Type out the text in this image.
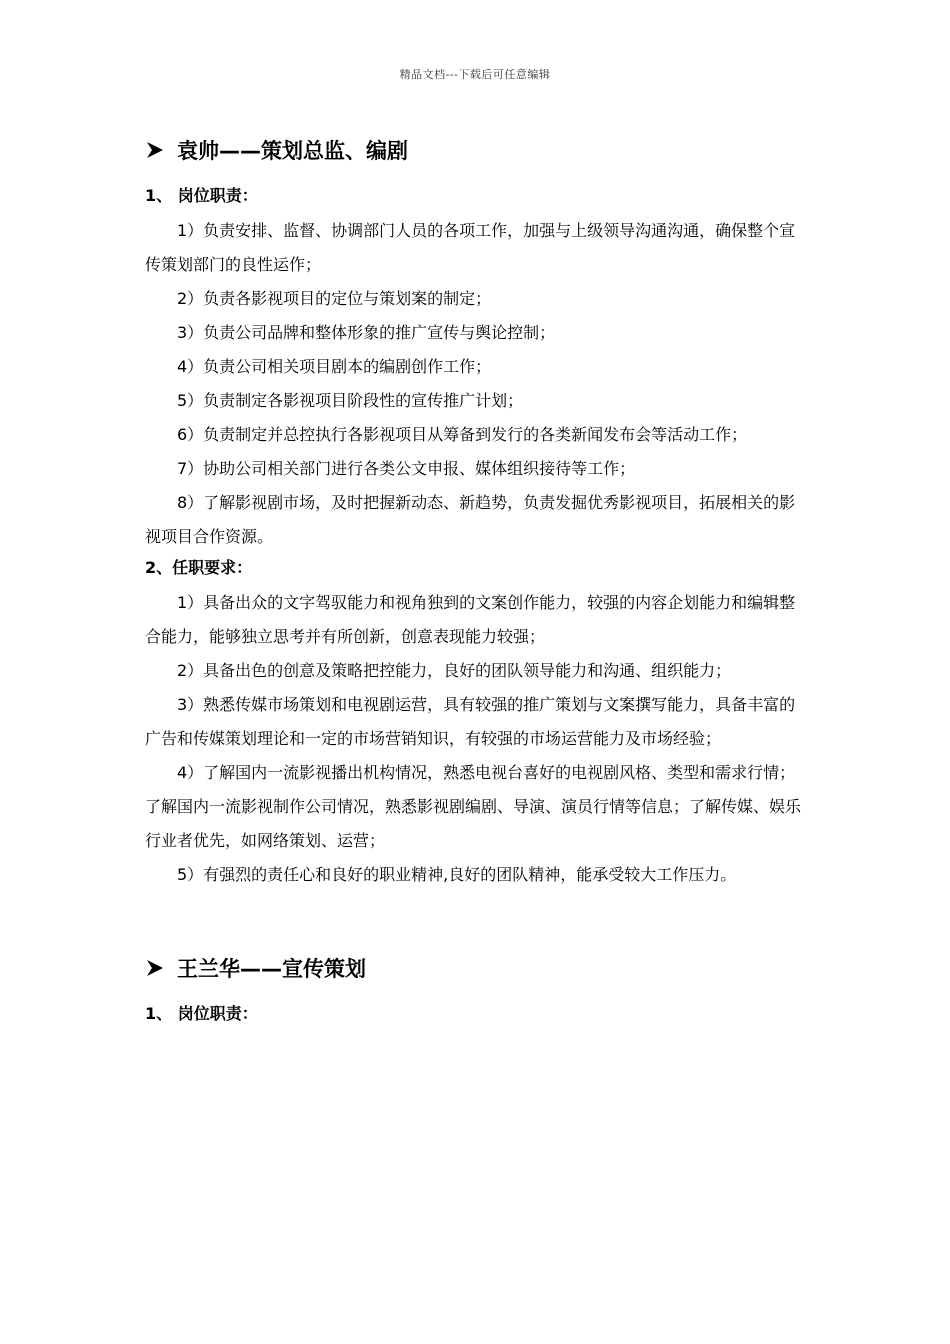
精品文档---下载后可任意编辑
袁帅——策划总监、编剧
1、 岗位职责：

1）负责安排、监督、协调部门人员的各项工作，加强与上级领导沟通沟通，确保整个宣传策划部门的良性运作；

2）负责各影视项目的定位与策划案的制定；

3）负责公司品牌和整体形象的推广宣传与舆论控制；

4）负责公司相关项目剧本的编剧创作工作；

5）负责制定各影视项目阶段性的宣传推广计划；

6）负责制定并总控执行各影视项目从筹备到发行的各类新闻发布会等活动工作；

7）协助公司相关部门进行各类公文申报、媒体组织接待等工作；

8）了解影视剧市场，及时把握新动态、新趋势，负责发掘优秀影视项目，拓展相关的影视项目合作资源。

2、任职要求：

1）具备出众的文字驾驭能力和视角独到的文案创作能力，较强的内容企划能力和编辑整合能力，能够独立思考并有所创新，创意表现能力较强；

2）具备出色的创意及策略把控能力，良好的团队领导能力和沟通、组织能力；

3）熟悉传媒市场策划和电视剧运营，具有较强的推广策划与文案撰写能力，具备丰富的广告和传媒策划理论和一定的市场营销知识，有较强的市场运营能力及市场经验；

4）了解国内一流影视播出机构情况，熟悉电视台喜好的电视剧风格、类型和需求行情；了解国内一流影视制作公司情况，熟悉影视剧编剧、导演、演员行情等信息；了解传媒、娱乐行业者优先，如网络策划、运营；

5）有强烈的责任心和良好的职业精神,良好的团队精神，能承受较大工作压力。

王兰华——宣传策划
1、 岗位职责：
